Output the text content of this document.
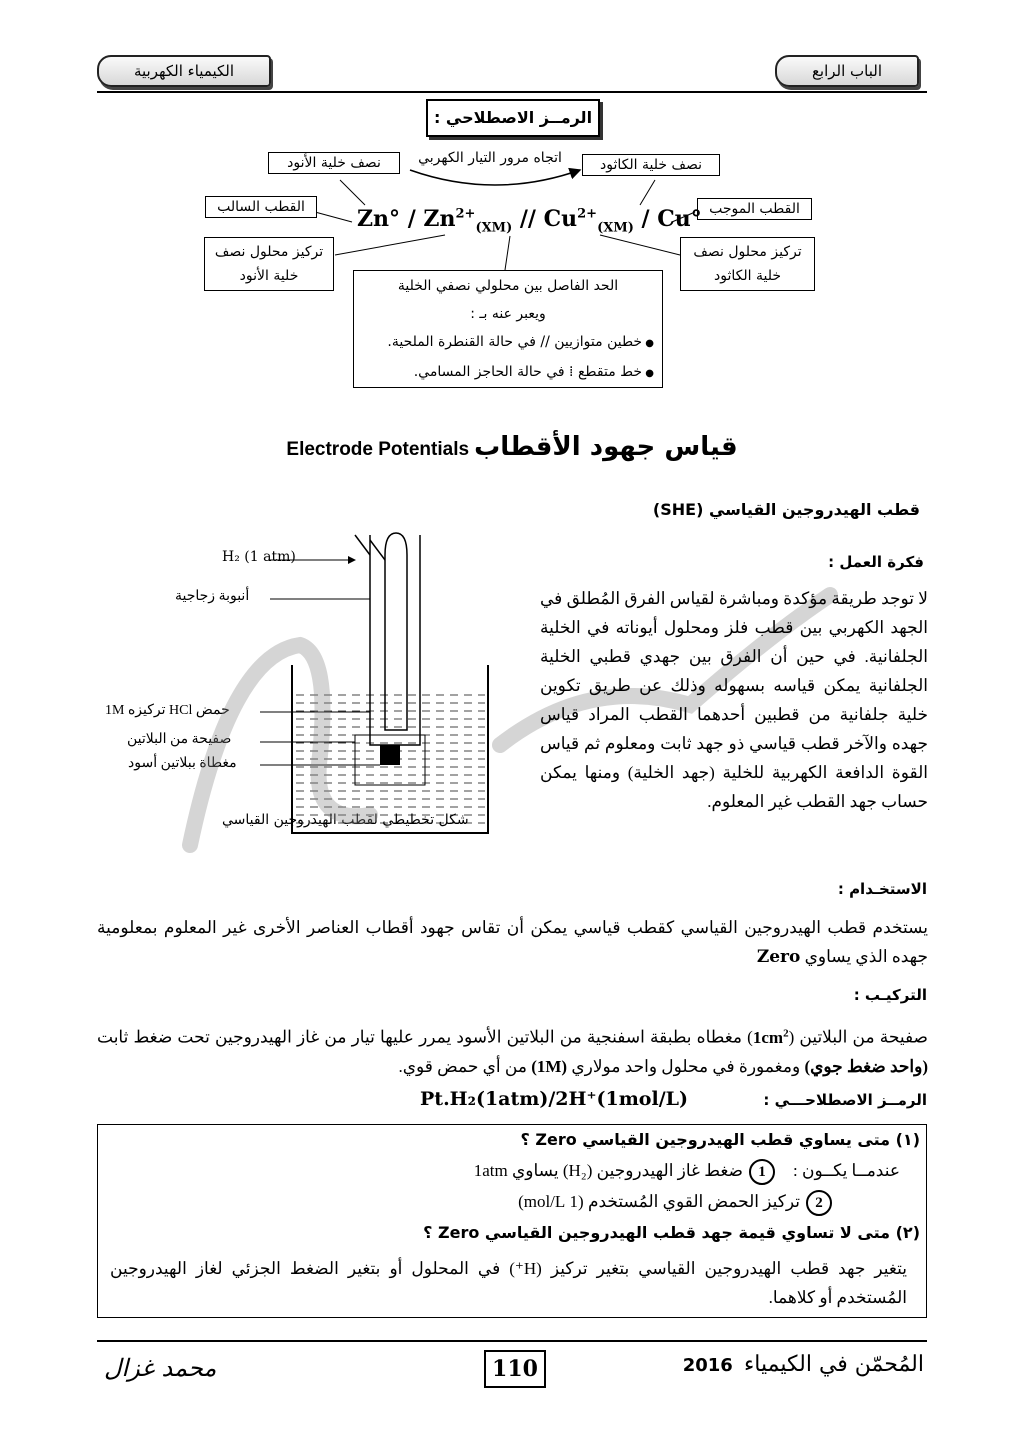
الباب الرابع
الكيمياء الكهربية
الرمــز الاصطلاحي :
اتجاه مرور التيار الكهربي
نصف خلية الأنود	نصف خلية الكاثود
القطب السالب	القطب الموجب
تركيز محلول نصف خلية الأنود
تركيز محلول نصف خلية الكاثود
$Zn^\circ / Zn^{2+}_{(XM)} // Cu^{2+}_{(XM)} / Cu^\circ$
الحد الفاصل بين محلولي نصفي الخلية
ويعبر عنه بـ :
● خطين متوازيين // في حالة القنطرة الملحية.
● خط متقطع ⁞ في حالة الحاجز المسامي.
Electrode Potentials قياس جهود الأقطاب
قطب الهيدروجين القياسي (SHE)
H₂ (1 atm)
أنبوبة زجاجية
حمض HCl تركيزه 1M
صفيحة من البلاتين
مغطاة ببلاتين أسود
شكل تخطيطي لقطب الهيدروجين القياسي
فكرة العمل :
لا توجد طريقة مؤكدة ومباشرة لقياس الفرق المُطلق في الجهد الكهربي بين قطب فلز ومحلول أيوناته في الخلية الجلفانية. في حين أن الفرق بين جهدي قطبي الخلية الجلفانية يمكن قياسه بسهوله وذلك عن طريق تكوين خلية جلفانية من قطبين أحدهما القطب المراد قياس جهده والآخر قطب قياسي ذو جهد ثابت ومعلوم ثم قياس القوة الدافعة الكهربية للخلية (جهد الخلية) ومنها يمكن حساب جهد القطب غير المعلوم.
الاستخـدام :
يستخدم قطب الهيدروجين القياسي كقطب قياسي يمكن أن تقاس جهود أقطاب العناصر الأخرى غير المعلوم بمعلومية جهده الذي يساوي Zero
التركيـب :
صفيحة من البلاتين $(1cm^2)$ مغطاه بطبقة اسفنجية من البلاتين الأسود يمرر عليها تيار من غاز الهيدروجين تحت ضغط ثابت (واحد ضغط جوي) ومغمورة في محلول واحد مولاري (1M) من أي حمض قوي.
الرمــز الاصطلاحـــي :
Pt.H₂(1atm)/2H⁺(1mol/L)
(١) متى يساوي قطب الهيدروجين القياسي Zero ؟
عندمــا يكــون :1ضغط غاز الهيدروجين (H₂) يساوي 1atm
2تركيز الحمض القوي المُستخدم (1 mol/L)
(٢) متى لا تساوي قيمة جهد قطب الهيدروجين القياسي Zero ؟
يتغير جهد قطب الهيدروجين القياسي بتغير تركيز (H⁺) في المحلول أو بتغير الضغط الجزئي لغاز الهيدروجين المُستخدم أو كلاهما.
110	المُحمّن في الكيمياء 2016
محمد غزال
